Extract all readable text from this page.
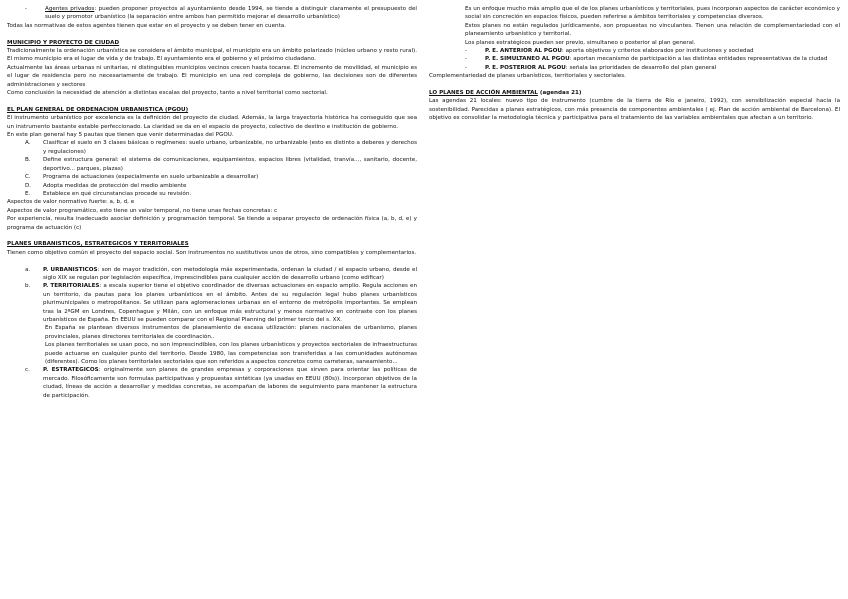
-	Agentes privados: pueden proponer proyectos al ayuntamiento desde 1994, se tiende a distinguir claramente el presupuesto del suelo y promotor urbanístico (la separación entre ambos han permitido mejorar el desarrollo urbanístico)

Todas las normativas de estos agentes tienen que estar en el proyecto y se deben tener en cuenta.

MUNICIPIO Y PROYECTO DE CIUDAD

Tradicionalmente la ordenación urbanística se considera el ámbito municipal, el municipio era un ámbito polarizado (núcleo urbano y resto rural). El mismo municipio era el lugar de vida y de trabajo. El ayuntamiento era el gobierno y el próximo ciudadano.

Actualmente las áreas urbanas ni unitarias, ni distinguibles municipios vecinos crecen hasta tocarse. El incremento de movilidad, el municipio es el lugar de residencia pero no necesariamente de trabajo. El municipio en una red compleja de gobierno, las decisiones son de diferentes administraciones y sectores

Como conclusión la necesidad de atención a distintas escalas del proyecto, tanto a nivel territorial como sectorial.

EL PLAN GENERAL DE ORDENACION URBANISTICA (PGOU)

El instrumento urbanístico por excelencia es la definición del proyecto de ciudad. Además, la larga trayectoria histórica ha conseguido que sea un instrumento bastante estable perfeccionado. La claridad se da en el espacio de proyecto, colectivo de destino e institución de gobierno.

En este plan general hay 5 pautas que tienen que venir determinadas del PGOU.

A.	Clasificar el suelo en 3 clases básicas o regímenes: suelo urbano, urbanizable, no urbanizable (esto es distinto a deberes y derechos y regulaciones)
B.	Define estructura general: el sistema de comunicaciones, equipamientos, espacios libres (vitalidad, tranvía..., sanitario, docente, deportivo... parques, plazas)
C.	Programa de actuaciones (especialmente en suelo urbanizable a desarrollar)
D.	Adopta medidas de protección del medio ambiente
E.	Establece en qué circunstancias procede su revisión.

Aspectos de valor normativo fuerte: a, b, d, e

Aspectos de valor programático, esto tiene un valor temporal, no tiene unas fechas concretas: c

Por experiencia, resulta inadecuado asociar definición y programación temporal. Se tiende a separar proyecto de ordenación física (a, b, d, e) y programa de actuación (c)

PLANES URBANISTICOS, ESTRATEGICOS Y TERRITORIALES

Tienen como objetivo común el proyecto del espacio social. Son instrumentos no sustitutivos unos de otros, sino compatibles y complementarios.

a.	P. URBANISTICOS: son de mayor tradición, con metodología más experimentada, ordenan la ciudad / el espacio urbano, desde el siglo XIX se regulan por legislación específica, imprescindibles para cualquier acción de desarrollo urbano (como edificar)
b.	P. TERRITORIALES: a escala superior tiene el objetivo coordinador de diversas actuaciones en espacio amplio. Regula acciones en un territorio, da pautas para los planes urbanísticos en el ámbito. Antes de su regulación legal hubo planes urbanísticos plurimunicipales o metropolitanos. Se utilizan para aglomeraciones urbanas en el entorno de metrópolis importantes. Se emplean tras la 2ºGM en Londres, Copenhague y Milán, con un enfoque más estructural y menos normativo en contraste con los planes urbanísticos de España. En EEUU se pueden comparar con el Regional Planning del primer tercio del s. XX.

En España se plantean diversos instrumentos de planeamiento de escasa utilización: planes nacionales de urbanismo, planes provinciales, planes directores territoriales de coordinación..

Los planes territoriales se usan poco, no son imprescindibles, con los planes urbanísticos y proyectos sectoriales de infraestructuras puede actuarse en cualquier punto del territorio. Desde 1980, las competencias son transferidas a las comunidades autónomas (diferentes). Como los planes territoriales sectoriales que son referidos a aspectos concretos como carreteras, saneamiento...

c.	P. ESTRATEGICOS: originalmente son planes de grandes empresas y corporaciones que sirven para orientar las políticas de mercado. Filosóficamente son formulas participativas y propuestas sintéticas (ya usadas en EEUU (80s)). Incorporan objetivos de la ciudad, líneas de acción a desarrollar y medidas concretas, se acompañan de labores de seguimiento para mantener la estructura de participación.

Es un enfoque mucho más amplio que el de los planes urbanísticos y territoriales, pues incorporan aspectos de carácter económico y social sin concreción en espacios físicos, pueden referirse a ámbitos territoriales y competencias diversos.

Estos planes no están regulados jurídicamente, son propuestas no vinculantes. Tienen una relación de complementariedad con el planeamiento urbanístico y territorial.

Los planes estratégicos pueden ser previo, simultaneo o posterior al plan general.

-	P. E. ANTERIOR AL PGOU: aporta objetivos y criterios elaborados por instituciones y sociedad
-	P. E. SIMULTANEO AL PGOU: aportan mecanismo de participación a las distintas entidades representativas de la ciudad
-	P. E. POSTERIOR AL PGOU: señala las prioridades de desarrollo del plan general

Complementariedad de planes urbanísticos, territoriales y sectoriales.

LO PLANES DE ACCIÓN AMBIENTAL (agendas 21)

Las agendas 21 locales: nuevo tipo de instrumento (cumbre de la tierra de Río e janeiro, 1992), con sensibilización especial hacia la sostenibilidad. Parecidas a planes estratégicos, con más presencia de componentes ambientales ( ej. Plan de acción ambiental de Barcelona). El objetivo es consolidar la metodología técnica y participativa para el tratamiento de las variables ambientales que afectan a un territorio.
